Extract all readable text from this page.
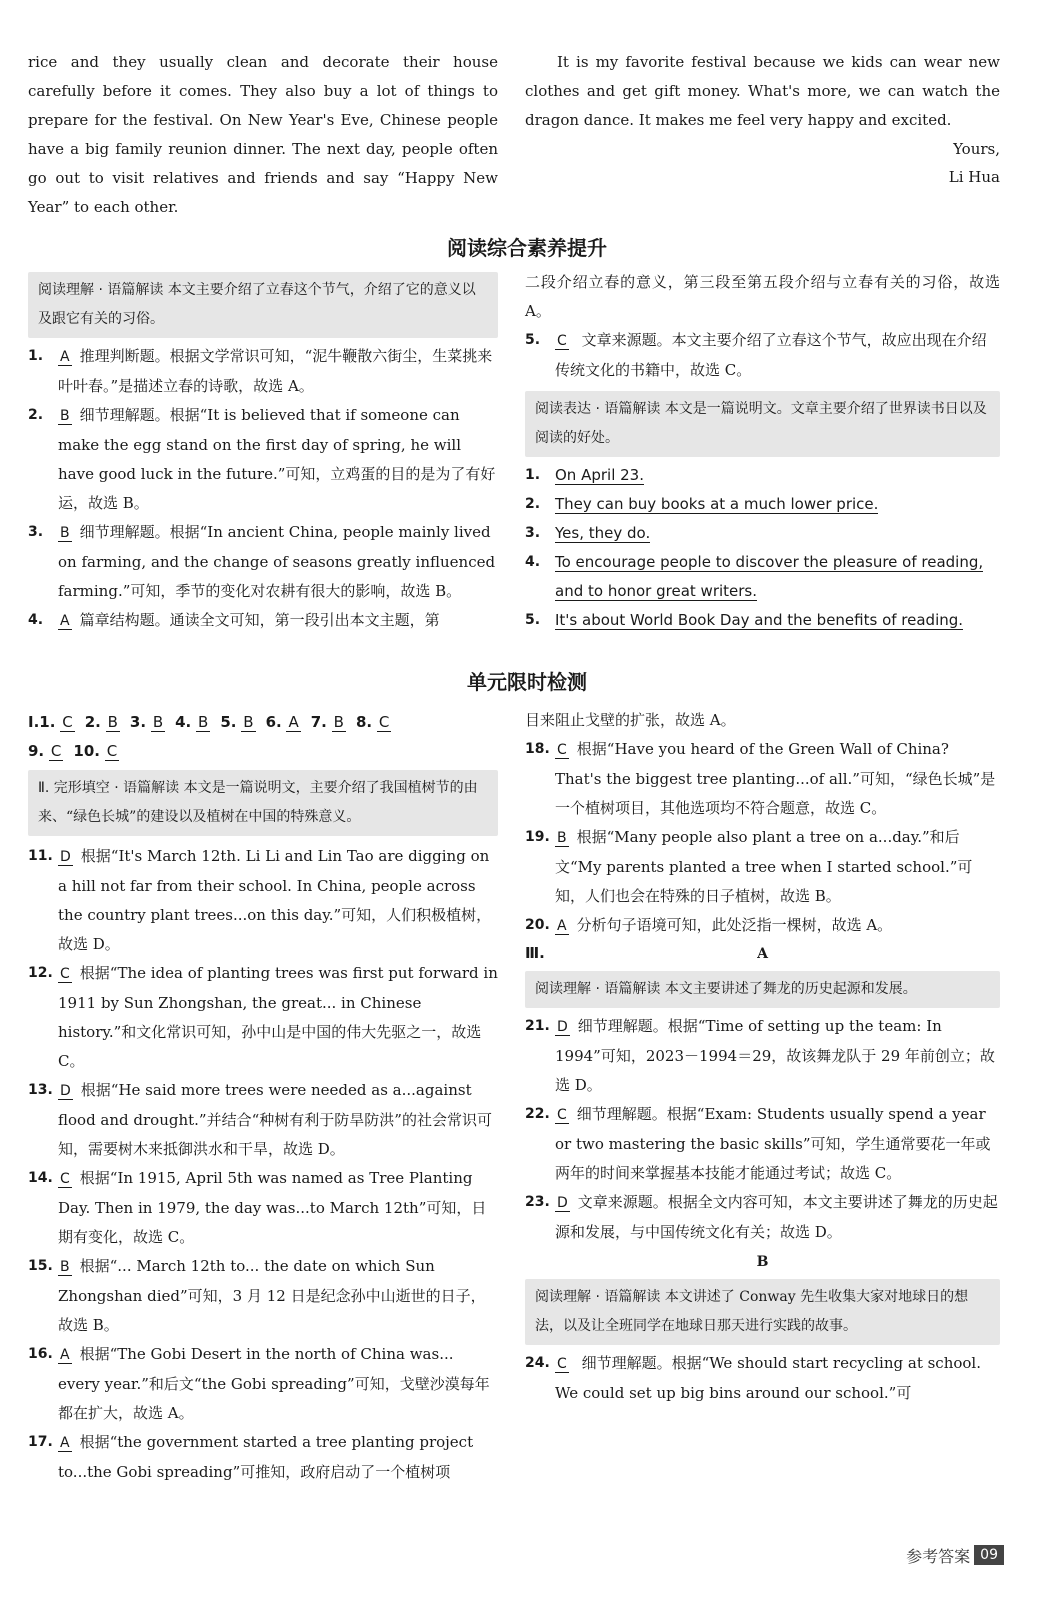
rice and they usually clean and decorate their house carefully before it comes. They also buy a lot of things to prepare for the festival. On New Year's Eve, Chinese people have a big family reunion dinner. The next day, people often go out to visit relatives and friends and say “Happy New Year” to each other.

It is my favorite festival because we kids can wear new clothes and get gift money. What's more, we can watch the dragon dance. It makes me feel very happy and excited.

Yours,
Li Hua
阅读综合素养提升
阅读理解 · 语篇解读 本文主要介绍了立春这个节气，介绍了它的意义以及跟它有关的习俗。
1. A 推理判断题。根据文学常识可知，“泥牛鞭散六街尘，生菜挑来叶叶春。”是描述立春的诗歌，故选 A。
2. B 细节理解题。根据“It is believed that if someone can make the egg stand on the first day of spring, he will have good luck in the future.”可知，立鸡蛋的目的是为了有好运，故选 B。
3. B 细节理解题。根据“In ancient China, people mainly lived on farming, and the change of seasons greatly influenced farming.”可知，季节的变化对农耕有很大的影响，故选 B。
4. A 篇章结构题。通读全文可知，第一段引出本文主题，第

二段介绍立春的意义，第三段至第五段介绍与立春有关的习俗，故选 A。

5. C 文章来源题。本文主要介绍了立春这个节气，故应出现在介绍传统文化的书籍中，故选 C。
阅读表达 · 语篇解读 本文是一篇说明文。文章主要介绍了世界读书日以及阅读的好处。
1. On April 23.
2. They can buy books at a much lower price.
3. Yes, they do.
4. To encourage people to discover the pleasure of reading, and to honor great writers.
5. It's about World Book Day and the benefits of reading.
单元限时检测
Ⅰ.1. C 2. B 3. B 4. B 5. B 6. A 7. B 8. C
9. C 10. C
Ⅱ. 完形填空 · 语篇解读 本文是一篇说明文，主要介绍了我国植树节的由来、“绿色长城”的建设以及植树在中国的特殊意义。
11. D 根据“It's March 12th. Li Li and Lin Tao are digging on a hill not far from their school. In China, people across the country plant trees...on this day.”可知，人们积极植树，故选 D。
12. C 根据“The idea of planting trees was first put forward in 1911 by Sun Zhongshan, the great... in Chinese history.”和文化常识可知，孙中山是中国的伟大先驱之一，故选 C。
13. D 根据“He said more trees were needed as a...against flood and drought.”并结合“种树有利于防旱防洪”的社会常识可知，需要树木来抵御洪水和干旱，故选 D。
14. C 根据“In 1915, April 5th was named as Tree Planting Day. Then in 1979, the day was...to March 12th”可知，日期有变化，故选 C。
15. B 根据“... March 12th to... the date on which Sun Zhongshan died”可知，3 月 12 日是纪念孙中山逝世的日子，故选 B。
16. A 根据“The Gobi Desert in the north of China was... every year.”和后文“the Gobi spreading”可知，戈壁沙漠每年都在扩大，故选 A。
17. A 根据“the government started a tree planting project to...the Gobi spreading”可推知，政府启动了一个植树项

目来阻止戈壁的扩张，故选 A。

18. C 根据“Have you heard of the Green Wall of China? That's the biggest tree planting...of all.”可知，“绿色长城”是一个植树项目，其他选项均不符合题意，故选 C。
19. B 根据“Many people also plant a tree on a...day.”和后文“My parents planted a tree when I started school.”可知，人们也会在特殊的日子植树，故选 B。
20. A 分析句子语境可知，此处泛指一棵树，故选 A。
Ⅲ.	A
阅读理解 · 语篇解读 本文主要讲述了舞龙的历史起源和发展。
21. D 细节理解题。根据“Time of setting up the team: In 1994”可知，2023－1994＝29，故该舞龙队于 29 年前创立；故选 D。
22. C 细节理解题。根据“Exam: Students usually spend a year or two mastering the basic skills”可知，学生通常要花一年或两年的时间来掌握基本技能才能通过考试；故选 C。
23. D 文章来源题。根据全文内容可知，本文主要讲述了舞龙的历史起源和发展，与中国传统文化有关；故选 D。
B
阅读理解 · 语篇解读 本文讲述了 Conway 先生收集大家对地球日的想法，以及让全班同学在地球日那天进行实践的故事。
24. C 细节理解题。根据“We should start recycling at school. We could set up big bins around our school.”可
参考答案 09
